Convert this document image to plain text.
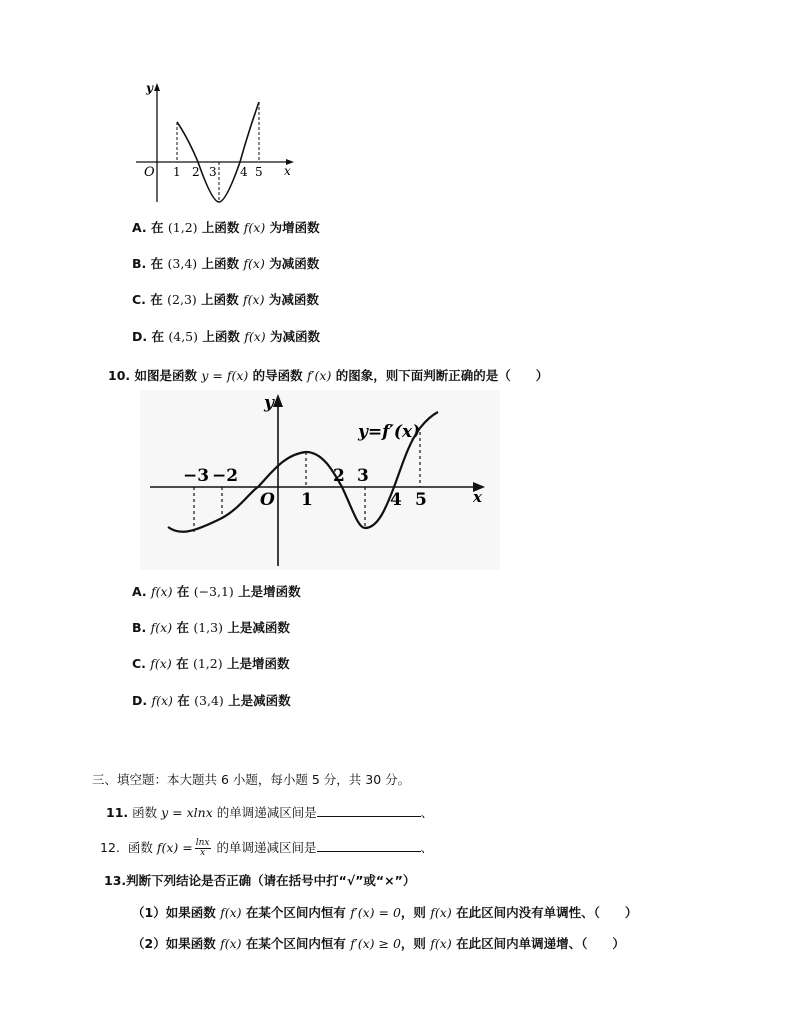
y
x
O 1 2 3 4 5
A. 在 (1,2) 上函数 f(x) 为增函数
B. 在 (3,4) 上函数 f(x) 为减函数
C. 在 (2,3) 上函数 f(x) 为减函数
D. 在 (4,5) 上函数 f(x) 为减函数
10. 如图是函数 y = f(x) 的导函数 f′(x) 的图象，则下面判断正确的是（　　）
y
x
O
y=f′(x)
−3 −2
1
2 3
4 5
A. f(x) 在 (−3,1) 上是增函数
B. f(x) 在 (1,3) 上是减函数
C. f(x) 在 (1,2) 上是增函数
D. f(x) 在 (3,4) 上是减函数
三、填空题：本大题共 6 小题，每小题 5 分，共 30 分。
11. 函数 y = xlnx 的单调递减区间是	、
12. 函数 $f(x) = \frac{\ln x}{x}$ 的单调递减区间是	、
13.判断下列结论是否正确（请在括号中打“√”或“×”）
（1）如果函数 f(x) 在某个区间内恒有 f′(x) = 0，则 f(x) 在此区间内没有单调性、（　　）
（2）如果函数 f(x) 在某个区间内恒有 f′(x) ≥ 0，则 f(x) 在此区间内单调递增、（　　）
